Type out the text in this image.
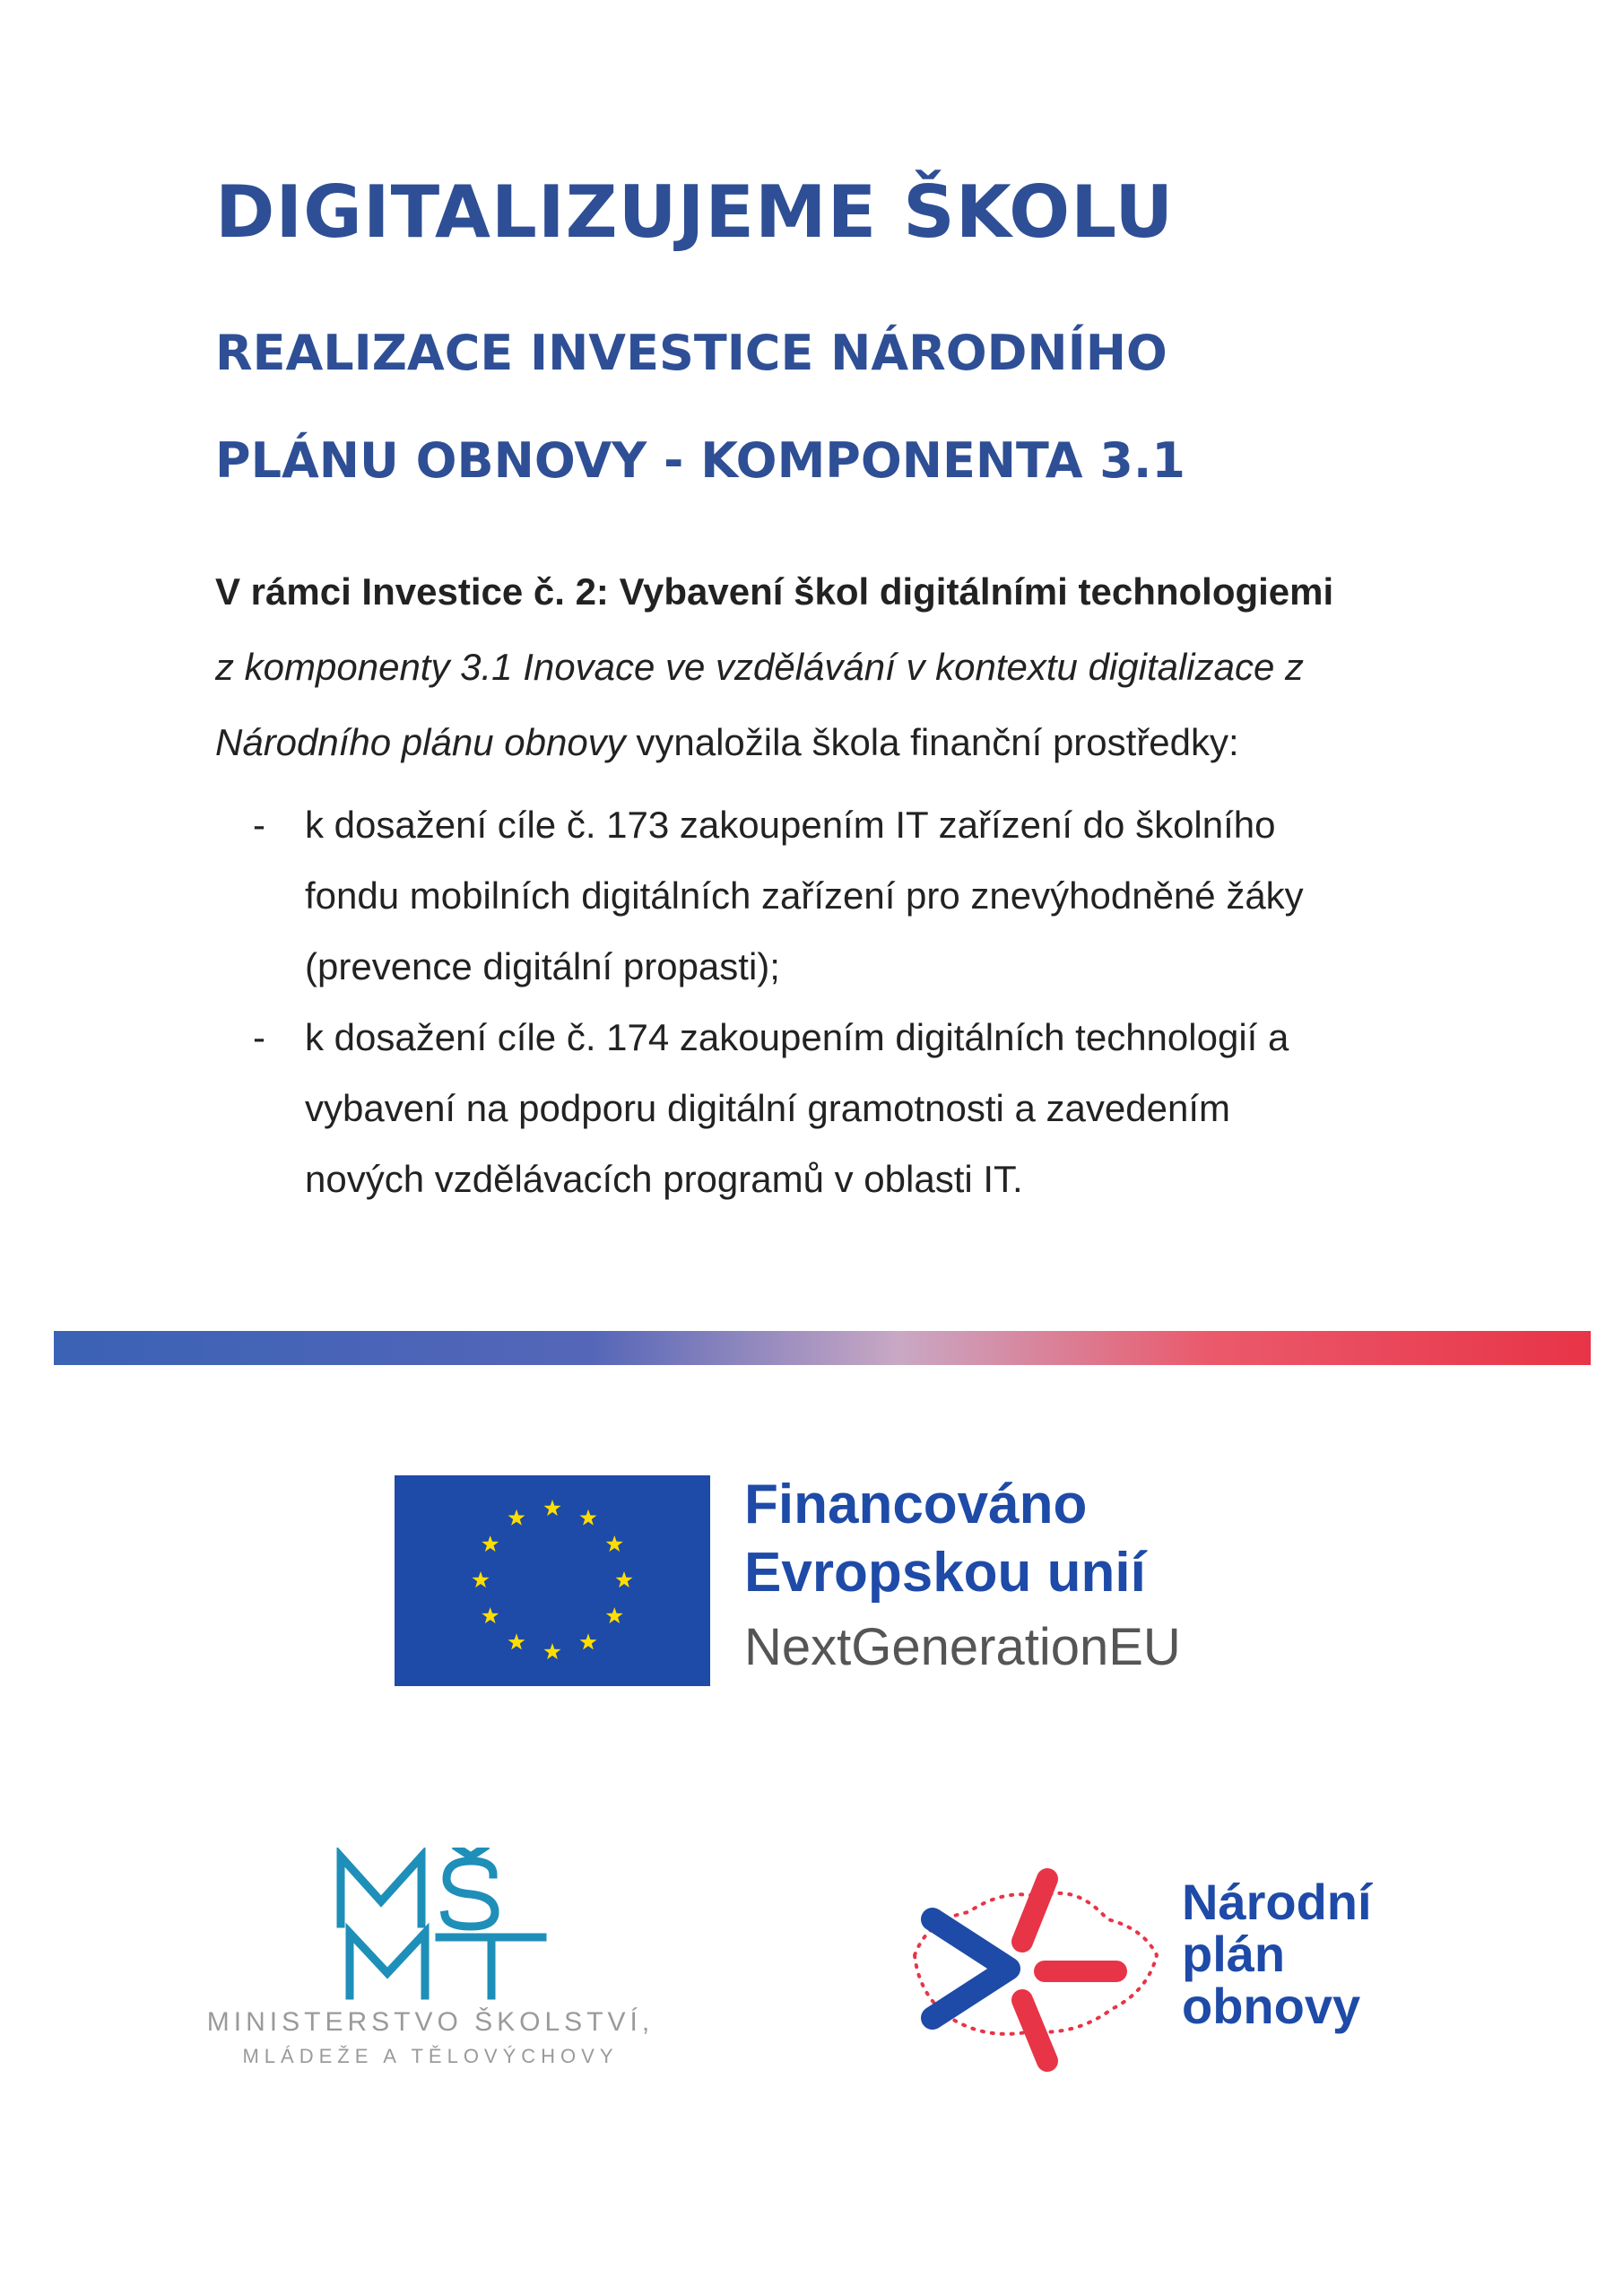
DIGITALIZUJEME ŠKOLU
REALIZACE INVESTICE NÁRODNÍHO
PLÁNU OBNOVY - KOMPONENTA 3.1

V rámci Investice č. 2: Vybavení škol digitálními technologiemi
z komponenty 3.1 Inovace ve vzdělávání v kontextu digitalizace z
Národního plánu obnovy vynaložila škola finanční prostředky:

- k dosažení cíle č. 173 zakoupením IT zařízení do školního
fondu mobilních digitálních zařízení pro znevýhodněné žáky
(prevence digitální propasti);
- k dosažení cíle č. 174 zakoupením digitálních technologií a
vybavení na podporu digitální gramotnosti a zavedením
nových vzdělávacích programů v oblasti IT.

Financováno
Evropskou unií
NextGenerationEU

MINISTERSTVO ŠKOLSTVÍ,

MLÁDEŽE A TĚLOVÝCHOVY

Národní
plán
obnovy
